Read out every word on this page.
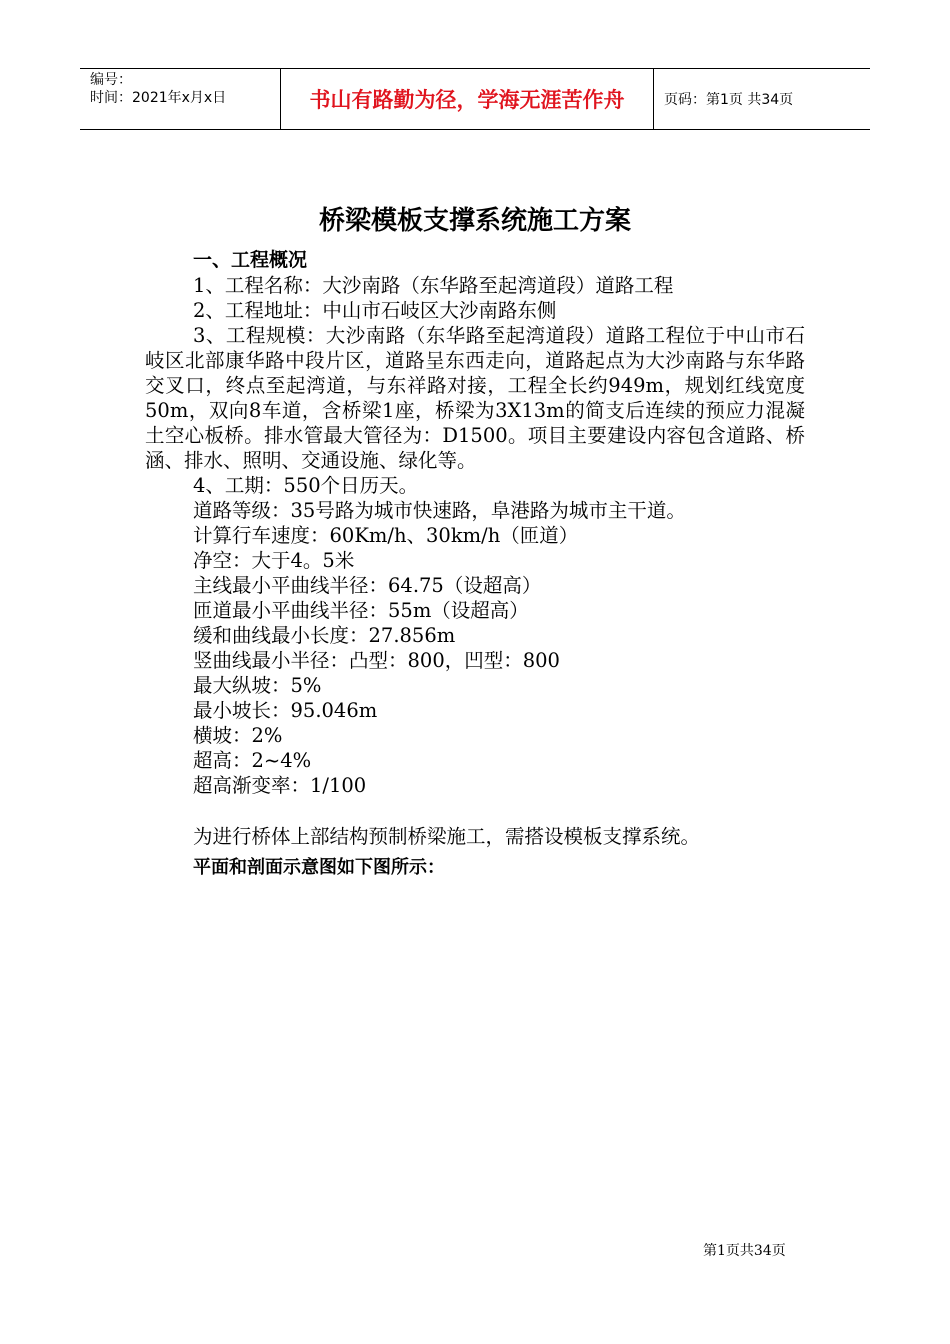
编号：
时间：2021年x月x日	书山有路勤为径，学海无涯苦作舟	页码：第1页 共34页
桥梁模板支撑系统施工方案
一、工程概况
1、工程名称：大沙南路（东华路至起湾道段）道路工程
2、工程地址：中山市石岐区大沙南路东侧
3、工程规模：大沙南路（东华路至起湾道段）道路工程位于中山市石岐区北部康华路中段片区，道路呈东西走向，道路起点为大沙南路与东华路交叉口，终点至起湾道，与东祥路对接，工程全长约949m，规划红线宽度50m，双向8车道，含桥梁1座，桥梁为3X13m的简支后连续的预应力混凝土空心板桥。排水管最大管径为：D1500。项目主要建设内容包含道路、桥涵、排水、照明、交通设施、绿化等。
4、工期：550个日历天。
道路等级：35号路为城市快速路，阜港路为城市主干道。
计算行车速度：60Km/h、30km/h（匝道）
净空：大于4。5米
主线最小平曲线半径：64.75（设超高）
匝道最小平曲线半径：55m（设超高）
缓和曲线最小长度：27.856m
竖曲线最小半径：凸型：800，凹型：800
最大纵坡：5%
最小坡长：95.046m
横坡：2%
超高：2~4%
超高渐变率：1/100
为进行桥体上部结构预制桥梁施工，需搭设模板支撑系统。
平面和剖面示意图如下图所示：
第1页共34页
